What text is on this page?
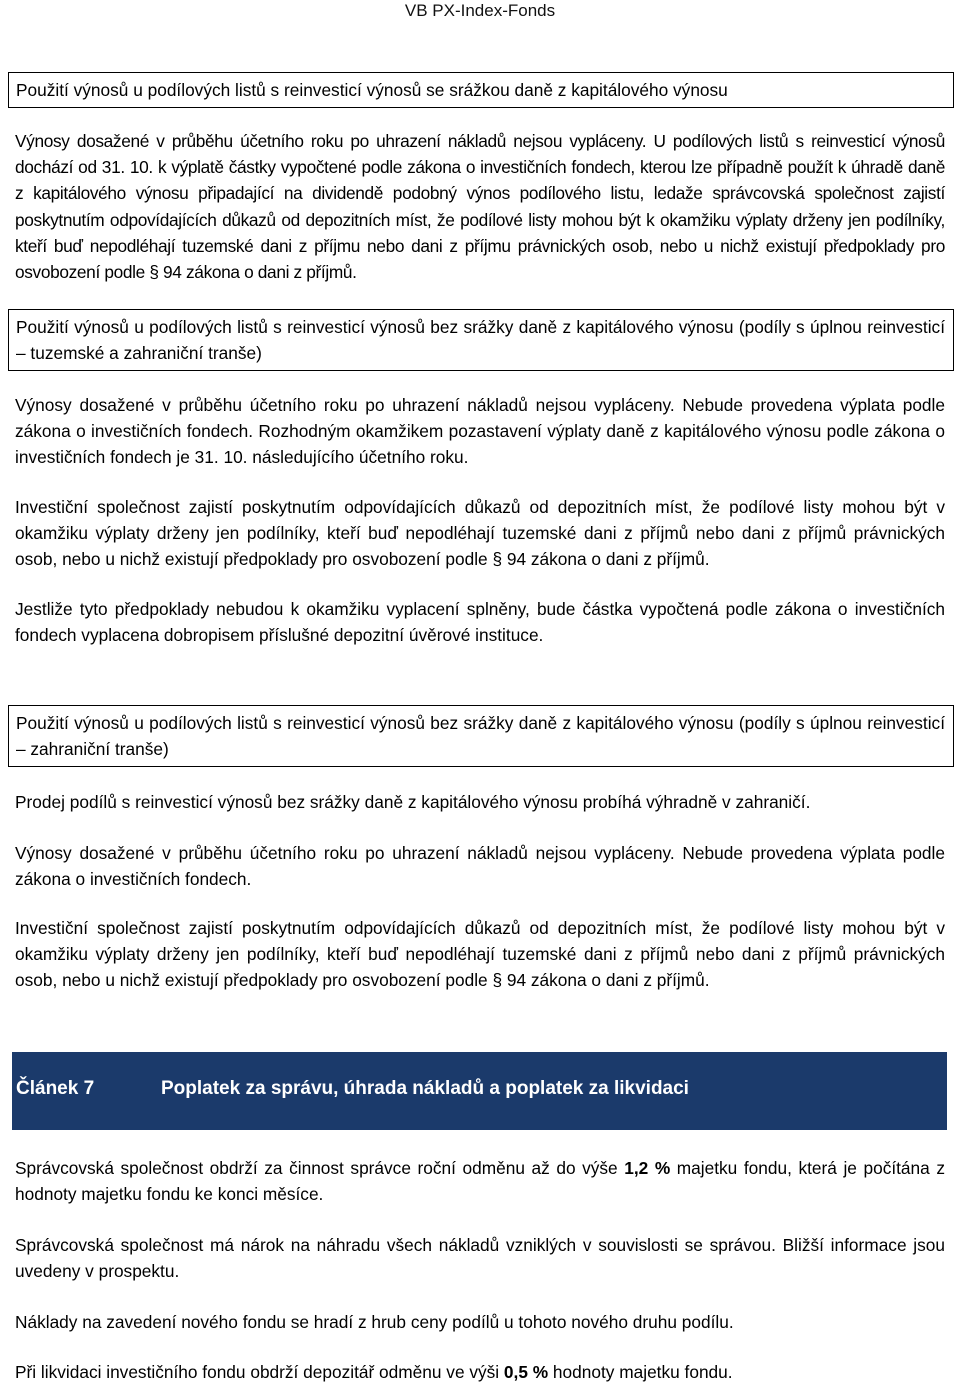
VB PX-Index-Fonds
Použití výnosů u podílových listů s reinvesticí výnosů se srážkou daně z kapitálového výnosu
Výnosy dosažené v průběhu účetního roku po uhrazení nákladů nejsou vypláceny. U podílových listů s reinvesticí výnosů dochází od 31. 10. k výplatě částky vypočtené podle zákona o investičních fondech, kterou lze případně použít k úhradě daně z kapitálového výnosu připadající na dividendě podobný výnos podílového listu, ledaže správcovská společnost zajistí poskytnutím odpovídajících důkazů od depozitních míst, že podílové listy mohou být k okamžiku výplaty drženy jen podílníky, kteří buď nepodléhají tuzemské dani z příjmu nebo dani z příjmu právnických osob, nebo u nichž existují předpoklady pro osvobození podle § 94 zákona o dani z příjmů.
Použití výnosů u podílových listů s reinvesticí výnosů bez srážky daně z kapitálového výnosu (podíly s úplnou reinvesticí – tuzemské a zahraniční tranše)
Výnosy dosažené v průběhu účetního roku po uhrazení nákladů nejsou vypláceny. Nebude provedena výplata podle zákona o investičních fondech. Rozhodným okamžikem pozastavení výplaty daně z kapitálového výnosu podle zákona o investičních fondech je 31. 10. následujícího účetního roku.
Investiční společnost zajistí poskytnutím odpovídajících důkazů od depozitních míst, že podílové listy mohou být v okamžiku výplaty drženy jen podílníky, kteří buď nepodléhají tuzemské dani z příjmů nebo dani z příjmů právnických osob, nebo u nichž existují předpoklady pro osvobození podle § 94 zákona o dani z příjmů.
Jestliže tyto předpoklady nebudou k okamžiku vyplacení splněny, bude částka vypočtená podle zákona o investičních fondech vyplacena dobropisem příslušné depozitní úvěrové instituce.
Použití výnosů u podílových listů s reinvesticí výnosů bez srážky daně z kapitálového výnosu (podíly s úplnou reinvesticí – zahraniční tranše)
Prodej podílů s reinvesticí výnosů bez srážky daně z kapitálového výnosu probíhá výhradně v zahraničí.
Výnosy dosažené v průběhu účetního roku po uhrazení nákladů nejsou vypláceny. Nebude provedena výplata podle zákona o investičních fondech.
Investiční společnost zajistí poskytnutím odpovídajících důkazů od depozitních míst, že podílové listy mohou být v okamžiku výplaty drženy jen podílníky, kteří buď nepodléhají tuzemské dani z příjmů nebo dani z příjmů právnických osob, nebo u nichž existují předpoklady pro osvobození podle § 94 zákona o dani z příjmů.
Článek 7	Poplatek za správu, úhrada nákladů a poplatek za likvidaci
Správcovská společnost obdrží za činnost správce roční odměnu až do výše 1,2 % majetku fondu, která je počítána z hodnoty majetku fondu ke konci měsíce.
Správcovská společnost má nárok na náhradu všech nákladů vzniklých v souvislosti se správou. Bližší informace jsou uvedeny v prospektu.
Náklady na zavedení nového fondu se hradí z hrub ceny podílů u tohoto nového druhu podílu.
Při likvidaci investičního fondu obdrží depozitář odměnu ve výši 0,5 % hodnoty majetku fondu.
